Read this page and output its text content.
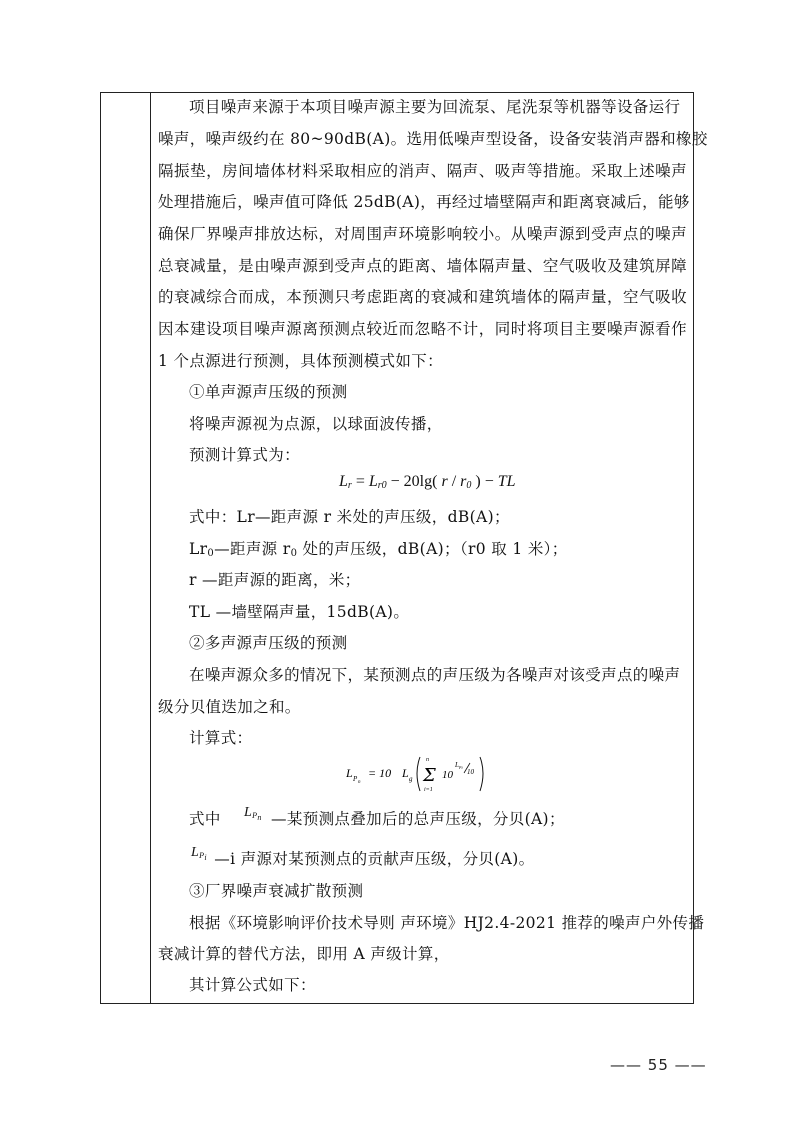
项目噪声来源于本项目噪声源主要为回流泵、尾洗泵等机器等设备运行
噪声，噪声级约在 80~90dB(A)。选用低噪声型设备，设备安装消声器和橡胶
隔振垫，房间墙体材料采取相应的消声、隔声、吸声等措施。采取上述噪声
处理措施后，噪声值可降低 25dB(A)，再经过墙壁隔声和距离衰减后，能够
确保厂界噪声排放达标，对周围声环境影响较小。从噪声源到受声点的噪声
总衰减量，是由噪声源到受声点的距离、墙体隔声量、空气吸收及建筑屏障
的衰减综合而成，本预测只考虑距离的衰减和建筑墙体的隔声量，空气吸收
因本建设项目噪声源离预测点较近而忽略不计，同时将项目主要噪声源看作
1 个点源进行预测，具体预测模式如下：
①单声源声压级的预测
将噪声源视为点源，以球面波传播，
预测计算式为：
$L_r = L_{r0} - 20\lg$( r / $r_0$ ) − TL
式中：Lr—距声源 r 米处的声压级，dB(A)；
$Lr_0—$距声源 $r_0$ 处的声压级，dB(A)；（r0 取 1 米）；
r —距声源的距离，米；
TL —墙壁隔声量，15dB(A)。
②多声源声压级的预测
在噪声源众多的情况下，某预测点的声压级为各噪声对该受声点的噪声
级分贝值迭加之和。
计算式：
L P n
= 10 L g
n
Σ
i=1
10
L Pi
10
式中 $L_{P_n}$ —某预测点叠加后的总声压级，分贝(A)；
$L_{P_i}$ —i 声源对某预测点的贡献声压级，分贝(A)。
③厂界噪声衰减扩散预测
根据《环境影响评价技术导则 声环境》HJ2.4-2021 推荐的噪声户外传播
衰减计算的替代方法，即用 A 声级计算，
其计算公式如下：
—— 55 ——
